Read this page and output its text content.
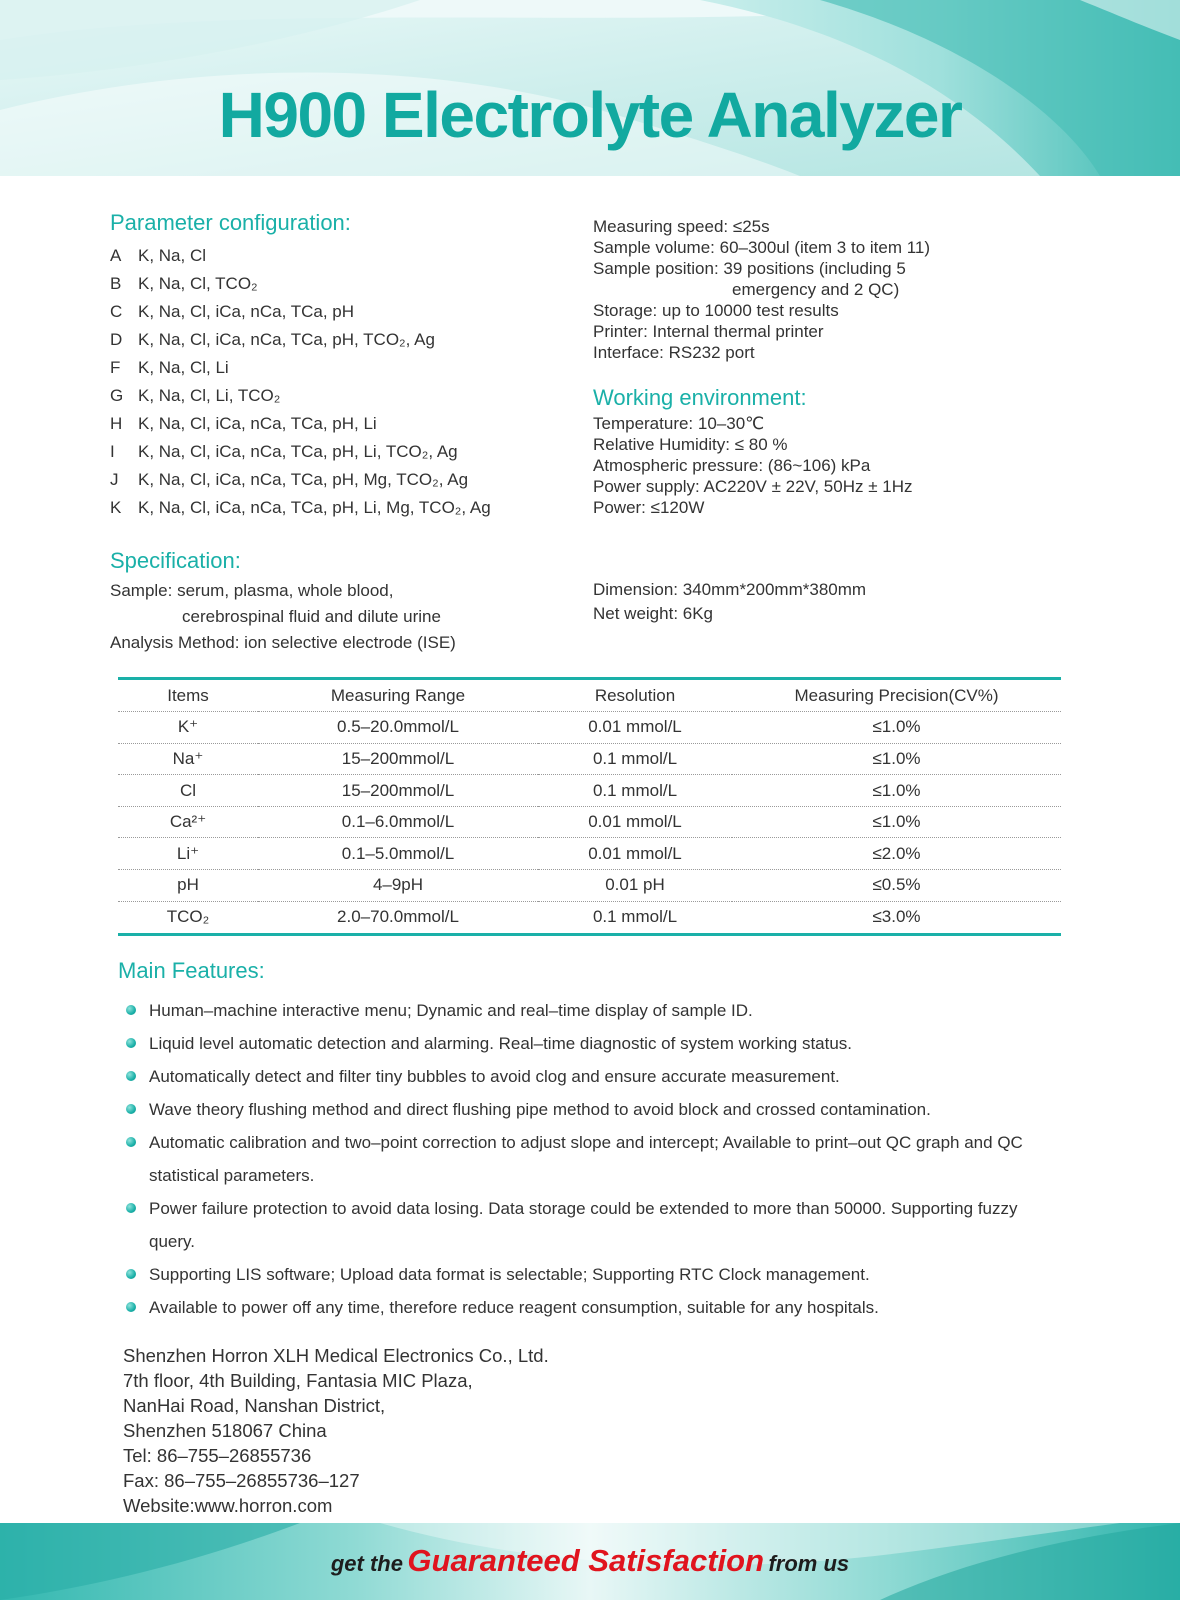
H900 Electrolyte Analyzer
Parameter configuration:
A K, Na, Cl
B K, Na, Cl, TCO₂
C K, Na, Cl, iCa, nCa, TCa, pH
D K, Na, Cl, iCa, nCa, TCa, pH, TCO₂, Ag
F	K, Na, Cl, Li
G K, Na, Cl, Li, TCO₂
H K, Na, Cl, iCa, nCa, TCa, pH, Li
I	K, Na, Cl, iCa, nCa, TCa, pH, Li, TCO₂, Ag
J	K, Na, Cl, iCa, nCa, TCa, pH, Mg, TCO₂, Ag
K K, Na, Cl, iCa, nCa, TCa, pH, Li, Mg, TCO₂, Ag
Measuring speed: ≤25s
Sample volume: 60–300ul (item 3 to item 11)
Sample position: 39 positions (including 5
emergency and 2 QC)
Storage: up to 10000 test results
Printer: Internal thermal printer
Interface: RS232 port
Working environment:
Temperature: 10–30℃
Relative Humidity: ≤ 80 %
Atmospheric pressure: (86~106) kPa
Power supply: AC220V ± 22V, 50Hz ± 1Hz
Power: ≤120W
Specification:
Sample: serum, plasma, whole blood,
cerebrospinal fluid and dilute urine
Analysis Method: ion selective electrode (ISE)
Dimension: 340mm*200mm*380mm
Net weight: 6Kg
Items	Measuring Range	Resolution	Measuring Precision(CV%)
K⁺	0.5–20.0mmol/L	0.01 mmol/L	≤1.0%
Na⁺	15–200mmol/L	0.1 mmol/L	≤1.0%
Cl	15–200mmol/L	0.1 mmol/L	≤1.0%
Ca²⁺	0.1–6.0mmol/L	0.01 mmol/L	≤1.0%
Li⁺	0.1–5.0mmol/L	0.01 mmol/L	≤2.0%
pH	4–9pH	0.01 pH	≤0.5%
TCO₂	2.0–70.0mmol/L	0.1 mmol/L	≤3.0%
Main Features:
Human–machine interactive menu; Dynamic and real–time display of sample ID.
Liquid level automatic detection and alarming. Real–time diagnostic of system working status.
Automatically detect and filter tiny bubbles to avoid clog and ensure accurate measurement.
Wave theory flushing method and direct flushing pipe method to avoid block and crossed contamination.
Automatic calibration and two–point correction to adjust slope and intercept; Available to print–out QC graph and QC statistical parameters.
Power failure protection to avoid data losing. Data storage could be extended to more than 50000. Supporting fuzzy query.
Supporting LIS software; Upload data format is selectable; Supporting RTC Clock management.
Available to power off any time, therefore reduce reagent consumption, suitable for any hospitals.
Shenzhen Horron XLH Medical Electronics Co., Ltd.
7th floor, 4th Building, Fantasia MIC Plaza,
NanHai Road, Nanshan District,
Shenzhen 518067 China
Tel: 86–755–26855736
Fax: 86–755–26855736–127
Website:www.horron.com
get the Guaranteed Satisfaction from us
